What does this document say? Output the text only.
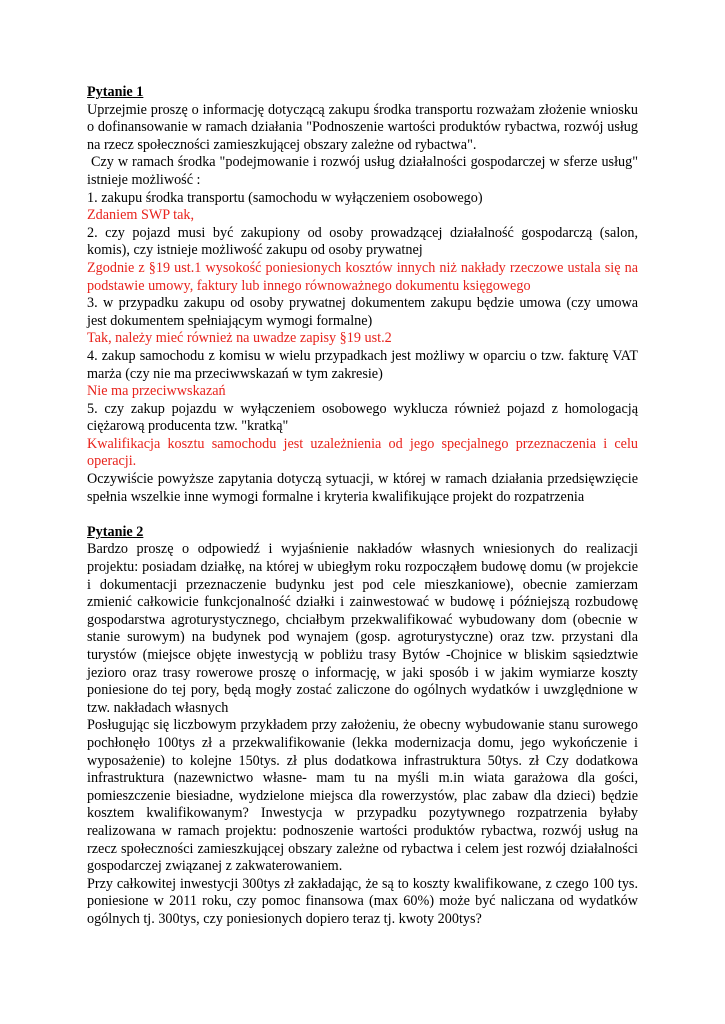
Pytanie 1

Uprzejmie proszę o informację dotyczącą zakupu środka transportu rozważam złożenie wniosku o dofinansowanie w ramach działania "Podnoszenie wartości produktów rybactwa, rozwój usług na rzecz społeczności zamieszkującej obszary zależne od rybactwa".

Czy w ramach środka "podejmowanie i rozwój usług działalności gospodarczej w sferze usług" istnieje możliwość :

1. zakupu środka transportu (samochodu w wyłączeniem osobowego)

Zdaniem SWP tak,

2. czy pojazd musi być zakupiony od osoby prowadzącej działalność gospodarczą (salon, komis), czy istnieje możliwość zakupu od osoby prywatnej

Zgodnie z §19 ust.1 wysokość poniesionych kosztów innych niż nakłady rzeczowe ustala się na podstawie umowy, faktury lub innego równoważnego dokumentu księgowego

3. w przypadku zakupu od osoby prywatnej dokumentem zakupu będzie umowa (czy umowa jest dokumentem spełniającym wymogi formalne)

Tak, należy mieć również na uwadze zapisy §19 ust.2

4. zakup samochodu z komisu w wielu przypadkach jest możliwy w oparciu o tzw. fakturę VAT marża (czy nie ma przeciwwskazań w tym zakresie)

Nie ma przeciwwskazań

5. czy zakup pojazdu w wyłączeniem osobowego wyklucza również pojazd z homologacją ciężarową producenta tzw. "kratką"

Kwalifikacja kosztu samochodu jest uzależnienia od jego specjalnego przeznaczenia i celu operacji.

Oczywiście powyższe zapytania dotyczą sytuacji, w której w ramach działania przedsięwzięcie spełnia wszelkie inne wymogi formalne i kryteria kwalifikujące projekt do rozpatrzenia

Pytanie 2

Bardzo proszę o odpowiedź i wyjaśnienie nakładów własnych wniesionych do realizacji projektu: posiadam działkę, na której w ubiegłym roku rozpocząłem budowę domu (w projekcie i dokumentacji przeznaczenie budynku jest pod cele mieszkaniowe), obecnie zamierzam zmienić całkowicie funkcjonalność działki i zainwestować w budowę i późniejszą rozbudowę gospodarstwa agroturystycznego, chciałbym przekwalifikować wybudowany dom (obecnie w stanie surowym) na budynek pod wynajem (gosp. agroturystyczne) oraz tzw. przystani dla turystów (miejsce objęte inwestycją w pobliżu trasy Bytów -Chojnice w bliskim sąsiedztwie jezioro oraz trasy rowerowe proszę o informację, w jaki sposób i w jakim wymiarze koszty poniesione do tej pory, będą mogły zostać zaliczone do ogólnych wydatków i uwzględnione w tzw. nakładach własnych

Posługując się liczbowym przykładem przy założeniu, że obecny wybudowanie stanu surowego pochłonęło 100tys zł a przekwalifikowanie (lekka modernizacja domu, jego wykończenie i wyposażenie) to kolejne 150tys. zł plus dodatkowa infrastruktura 50tys. zł Czy dodatkowa infrastruktura (nazewnictwo własne- mam tu na myśli m.in wiata garażowa dla gości, pomieszczenie biesiadne, wydzielone miejsca dla rowerzystów, plac zabaw dla dzieci) będzie kosztem kwalifikowanym? Inwestycja w przypadku pozytywnego rozpatrzenia byłaby realizowana w ramach projektu: podnoszenie wartości produktów rybactwa, rozwój usług na rzecz społeczności zamieszkującej obszary zależne od rybactwa i celem jest rozwój działalności gospodarczej związanej z zakwaterowaniem.

Przy całkowitej inwestycji 300tys zł zakładając, że są to koszty kwalifikowane, z czego 100 tys. poniesione w 2011 roku, czy pomoc finansowa (max 60%) może być naliczana od wydatków ogólnych tj. 300tys, czy poniesionych dopiero teraz tj. kwoty 200tys?
